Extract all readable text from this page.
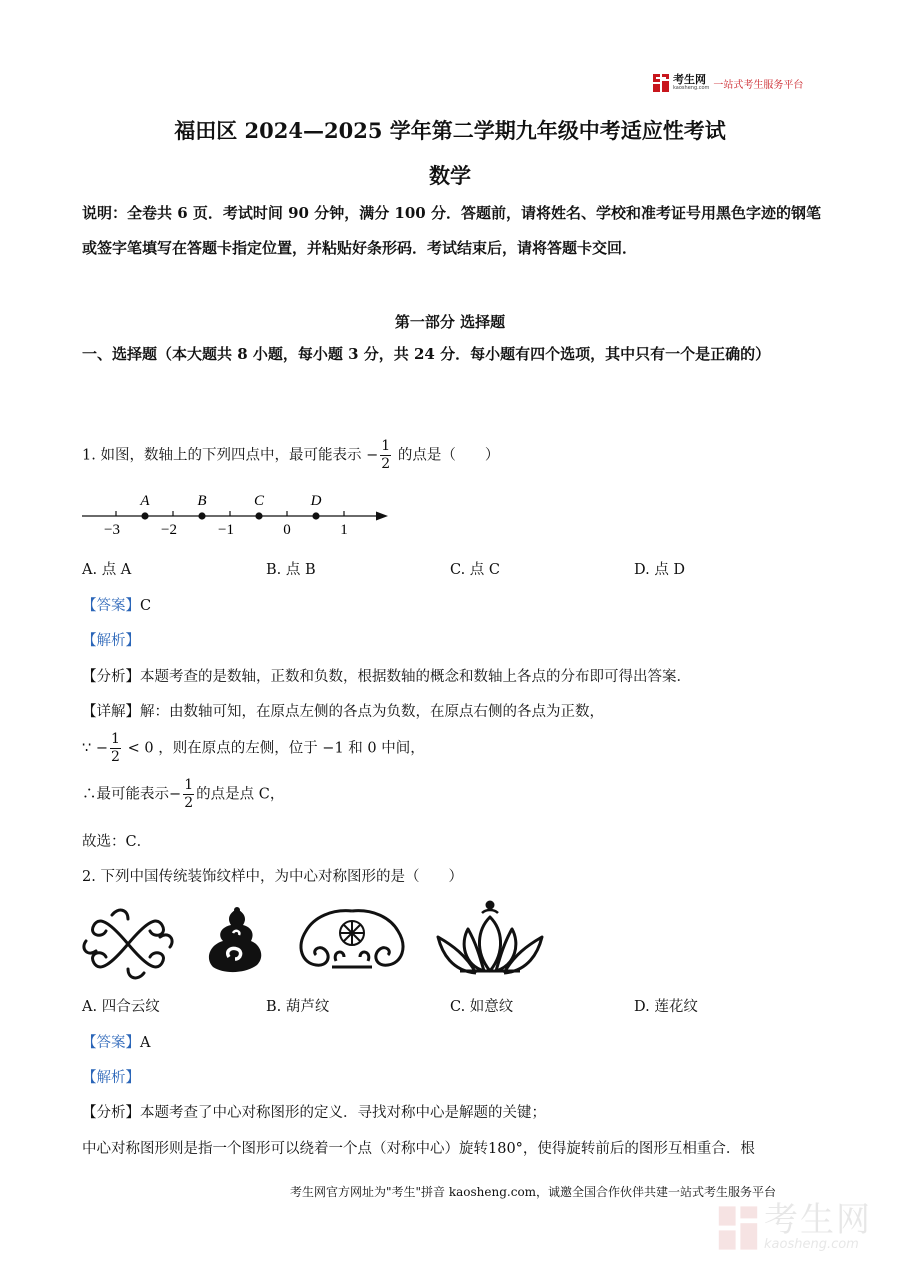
考生网
kaosheng.com 一站式考生服务平台
福田区 2024—2025 学年第二学期九年级中考适应性考试
数学
说明：全卷共 6 页．考试时间 90 分钟，满分 100 分．答题前，请将姓名、学校和准考证号用黑色字迹的钢笔或签字笔填写在答题卡指定位置，并粘贴好条形码．考试结束后，请将答题卡交回．
第一部分 选择题
一、选择题（本大题共 8 小题，每小题 3 分，共 24 分．每小题有四个选项，其中只有一个是正确的）
1. 如图，数轴上的下列四点中，最可能表示 − $\frac{1}{2}$ 的点是（　　）
A	B	C	D
−3	−2	−1	0	1
A. 点 A	B. 点 B	C. 点 C	D. 点 D
【答案】C
【解析】
【分析】本题考查的是数轴，正数和负数，根据数轴的概念和数轴上各点的分布即可得出答案．
【详解】解：由数轴可知，在原点左侧的各点为负数，在原点右侧的各点为正数，
∵ − $\frac{1}{2} < 0$ ，则在原点的左侧，位于 −1 和 0 中间，
∴最可能表示− $\frac{1}{2}$ 的点是点 C，
故选：C．
2. 下列中国传统装饰纹样中，为中心对称图形的是（　　）
A. 四合云纹	B. 葫芦纹	C. 如意纹	D. 莲花纹
【答案】A
【解析】
【分析】本题考查了中心对称图形的定义．寻找对称中心是解题的关键；
中心对称图形则是指一个图形可以绕着一个点（对称中心）旋转180°，使得旋转前后的图形互相重合．根
考生网官方网址为"考生"拼音 kaosheng.com，诚邀全国合作伙伴共建一站式考生服务平台
考生网
kaosheng.com
